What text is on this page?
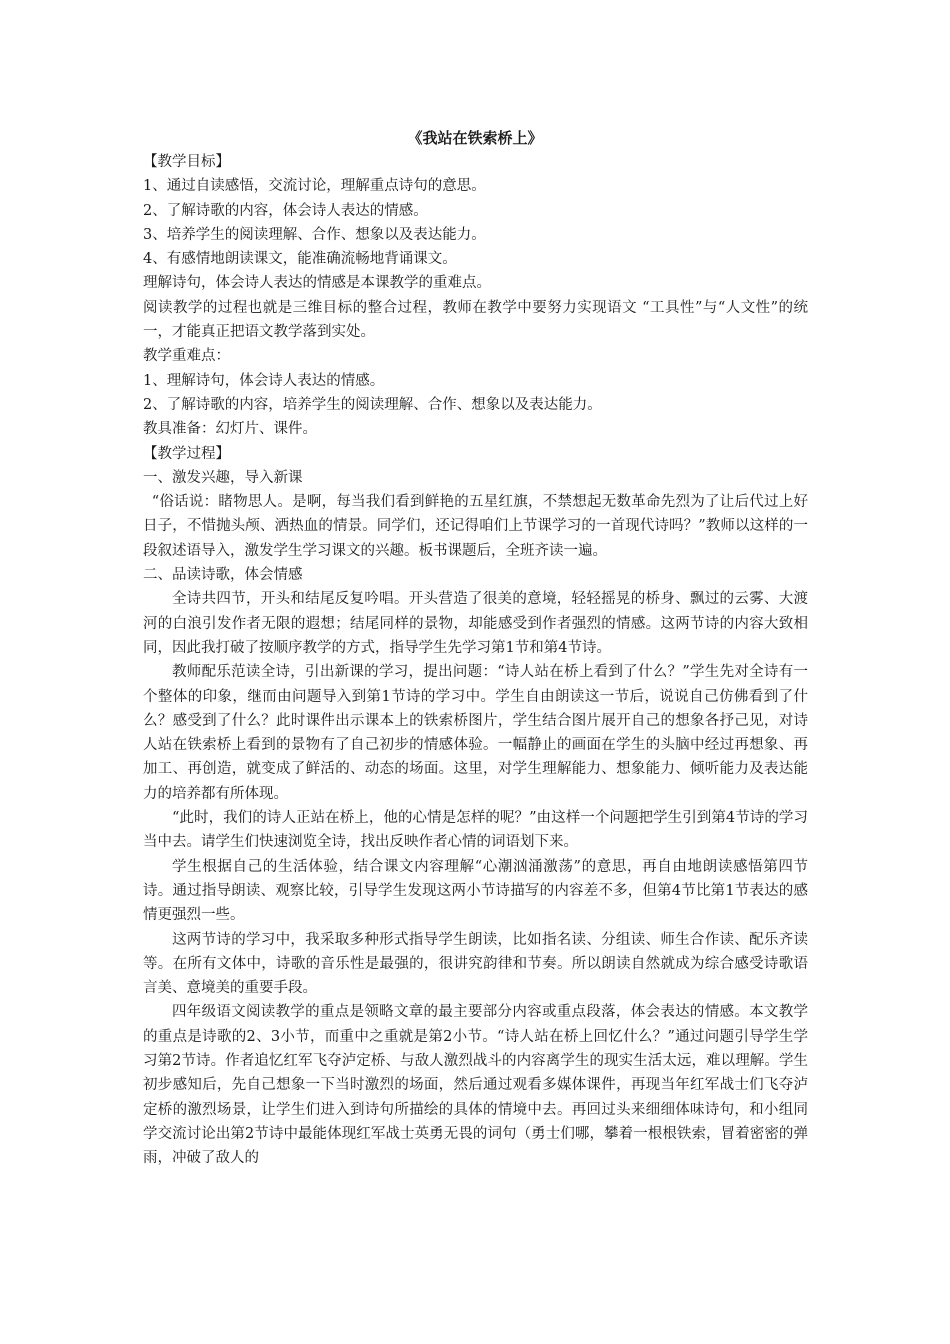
《我站在铁索桥上》

【教学目标】

1、通过自读感悟，交流讨论，理解重点诗句的意思。

2、了解诗歌的内容，体会诗人表达的情感。

3、培养学生的阅读理解、合作、想象以及表达能力。

4、有感情地朗读课文，能准确流畅地背诵课文。

理解诗句，体会诗人表达的情感是本课教学的重难点。

阅读教学的过程也就是三维目标的整合过程，教师在教学中要努力实现语文 “工具性”与“人文性”的统一，才能真正把语文教学落到实处。

教学重难点：

1、理解诗句，体会诗人表达的情感。

2、了解诗歌的内容，培养学生的阅读理解、合作、想象以及表达能力。

教具准备：幻灯片、课件。

【教学过程】

一、激发兴趣，导入新课

“俗话说：睹物思人。是啊，每当我们看到鲜艳的五星红旗，不禁想起无数革命先烈为了让后代过上好日子，不惜抛头颅、洒热血的情景。同学们，还记得咱们上节课学习的一首现代诗吗？”教师以这样的一段叙述语导入，激发学生学习课文的兴趣。板书课题后，全班齐读一遍。

二、品读诗歌，体会情感

全诗共四节，开头和结尾反复吟唱。开头营造了很美的意境，轻轻摇晃的桥身、飘过的云雾、大渡河的白浪引发作者无限的遐想；结尾同样的景物，却能感受到作者强烈的情感。这两节诗的内容大致相同，因此我打破了按顺序教学的方式，指导学生先学习第1节和第4节诗。

教师配乐范读全诗，引出新课的学习，提出问题：“诗人站在桥上看到了什么？”学生先对全诗有一个整体的印象，继而由问题导入到第1节诗的学习中。学生自由朗读这一节后，说说自己仿佛看到了什么？感受到了什么？此时课件出示课本上的铁索桥图片，学生结合图片展开自己的想象各抒己见，对诗人站在铁索桥上看到的景物有了自己初步的情感体验。一幅静止的画面在学生的头脑中经过再想象、再加工、再创造，就变成了鲜活的、动态的场面。这里，对学生理解能力、想象能力、倾听能力及表达能力的培养都有所体现。

“此时，我们的诗人正站在桥上，他的心情是怎样的呢？”由这样一个问题把学生引到第4节诗的学习当中去。请学生们快速浏览全诗，找出反映作者心情的词语划下来。

学生根据自己的生活体验，结合课文内容理解“心潮汹涌激荡”的意思，再自由地朗读感悟第四节诗。通过指导朗读、观察比较，引导学生发现这两小节诗描写的内容差不多，但第4节比第1节表达的感情更强烈一些。

这两节诗的学习中，我采取多种形式指导学生朗读，比如指名读、分组读、师生合作读、配乐齐读等。在所有文体中，诗歌的音乐性是最强的，很讲究韵律和节奏。所以朗读自然就成为综合感受诗歌语言美、意境美的重要手段。

四年级语文阅读教学的重点是领略文章的最主要部分内容或重点段落，体会表达的情感。本文教学的重点是诗歌的2、3小节，而重中之重就是第2小节。“诗人站在桥上回忆什么？”通过问题引导学生学习第2节诗。作者追忆红军飞夺泸定桥、与敌人激烈战斗的内容离学生的现实生活太远，难以理解。学生初步感知后，先自己想象一下当时激烈的场面，然后通过观看多媒体课件，再现当年红军战士们飞夺泸定桥的激烈场景，让学生们进入到诗句所描绘的具体的情境中去。再回过头来细细体味诗句，和小组同学交流讨论出第2节诗中最能体现红军战士英勇无畏的词句（勇士们哪，攀着一根根铁索，冒着密密的弹雨，冲破了敌人的
